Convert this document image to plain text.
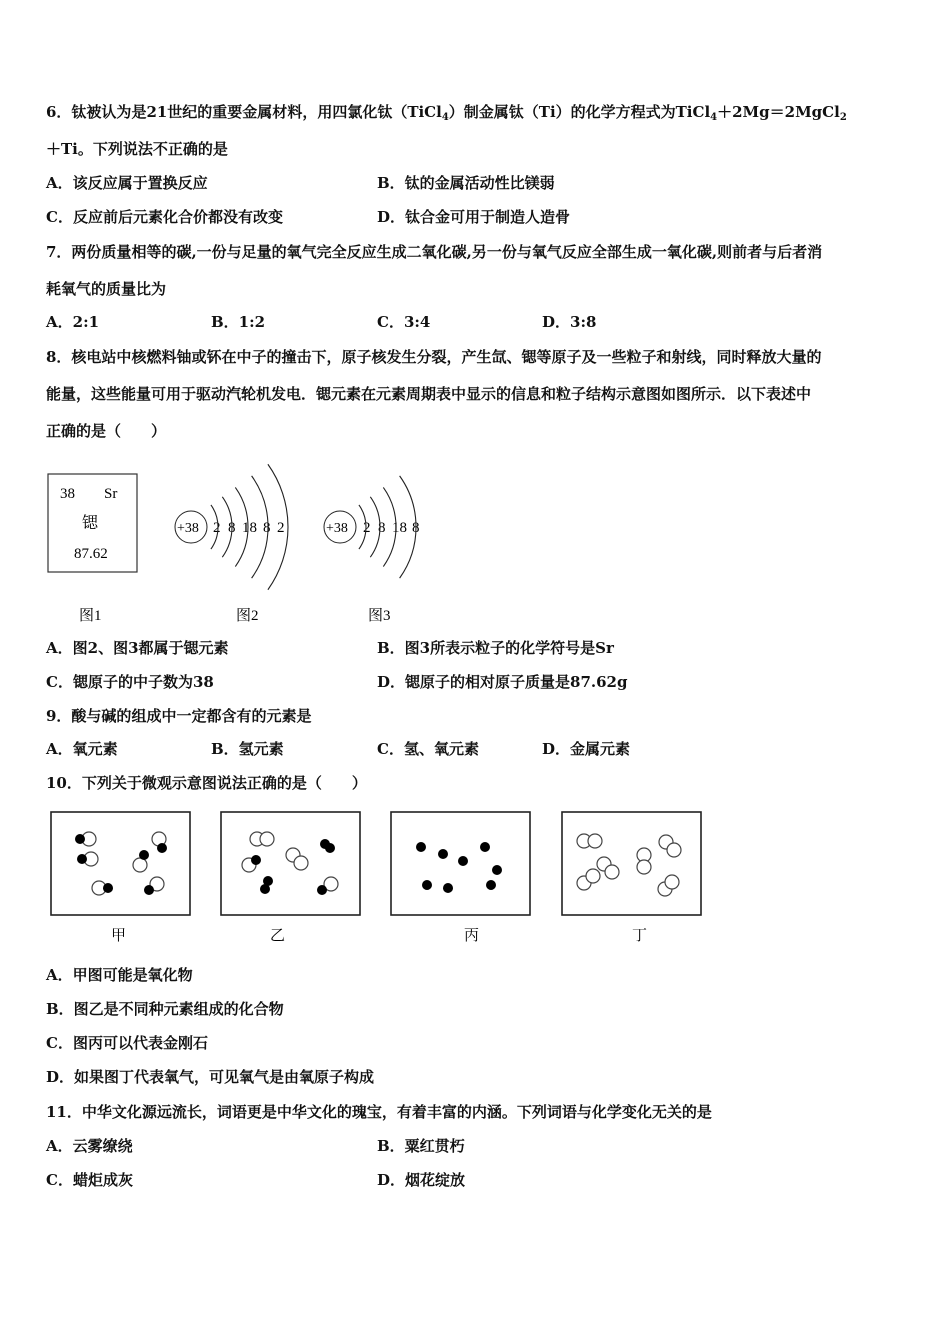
6．钛被认为是21世纪的重要金属材料，用四氯化钛（TiCl$_4$）制金属钛（Ti）的化学方程式为TiCl$_4$＋2Mg＝2MgCl$_2$
＋Ti。下列说法不正确的是
A．该反应属于置换反应	B．钛的金属活动性比镁弱
C．反应前后元素化合价都没有改变	D．钛合金可用于制造人造骨
7．两份质量相等的碳,一份与足量的氧气完全反应生成二氧化碳,另一份与氧气反应全部生成一氧化碳,则前者与后者消
耗氧气的质量比为
A．2:1	B．1:2	C．3:4	D．3:8
8．核电站中核燃料铀或钚在中子的撞击下，原子核发生分裂，产生氙、锶等原子及一些粒子和射线，同时释放大量的
能量，这些能量可用于驱动汽轮机发电．锶元素在元素周期表中显示的信息和粒子结构示意图如图所示．以下表述中
正确的是（　　）
38 Sr
锶
87.62
+38 2 8 18 8 2	+38 2 8 18 8
图1	图2	图3
A．图2、图3都属于锶元素	B．图3所表示粒子的化学符号是Sr
C．锶原子的中子数为38	D．锶原子的相对原子质量是87.62g
9．酸与碱的组成中一定都含有的元素是
A．氧元素	B．氢元素	C．氢、氧元素	D．金属元素
10．下列关于微观示意图说法正确的是（　　）
甲	乙	丙	丁
A．甲图可能是氧化物
B．图乙是不同种元素组成的化合物
C．图丙可以代表金刚石
D．如果图丁代表氧气，可见氧气是由氧原子构成
11．中华文化源远流长，词语更是中华文化的瑰宝，有着丰富的内涵。下列词语与化学变化无关的是
A．云雾缭绕	B．粟红贯朽
C．蜡炬成灰	D．烟花绽放
